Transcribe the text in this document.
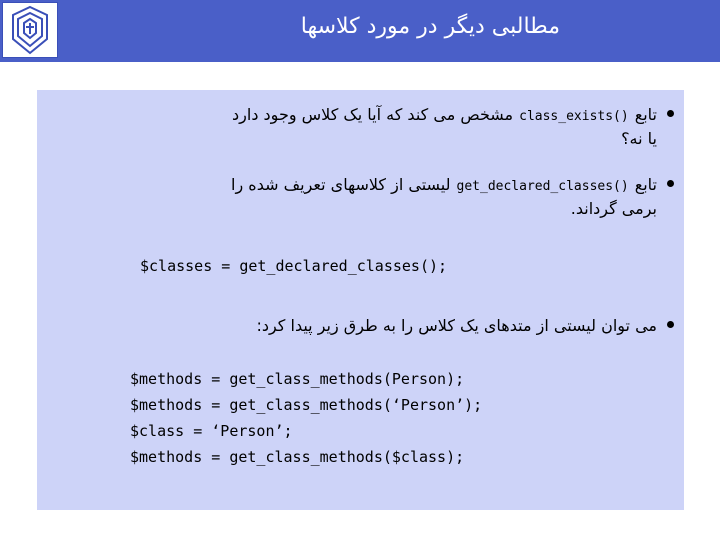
مطالبی دیگر در مورد کلاسها
تابعclass_exists()مشخص می کند که آیا یک کلاس وجود دارد
یا نه؟
تابعget_declared_classes()لیستی از کلاسهای تعریف شده را
برمی گرداند.
$classes = get_declared_classes();
می توان لیستی از متدهای یک کلاس را به طرق زیر پیدا کرد:
$methods = get_class_methods(Person);
$methods = get_class_methods(‘Person’);
$class = ‘Person’;
$methods = get_class_methods($class);
